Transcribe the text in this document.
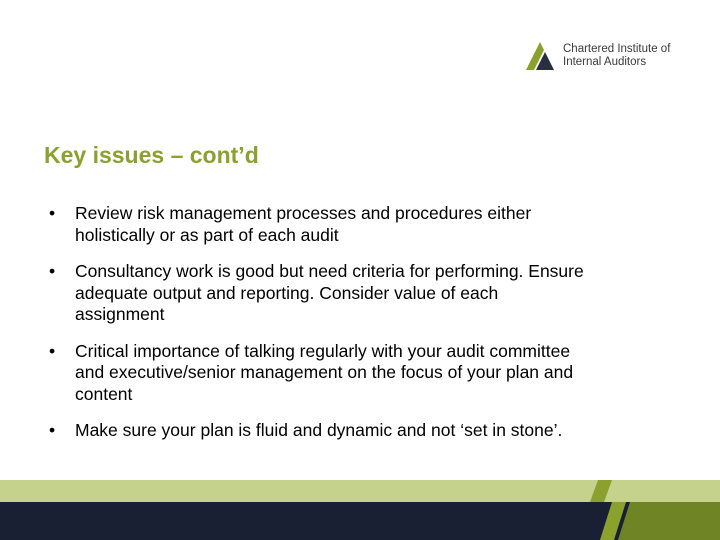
Chartered Institute of
Internal Auditors
Key issues – cont’d
• Review risk management processes and procedures either
holistically or as part of each audit
• Consultancy work is good but need criteria for performing. Ensure
adequate output and reporting. Consider value of each
assignment
• Critical importance of talking regularly with your audit committee
and executive/senior management on the focus of your plan and
content
• Make sure your plan is fluid and dynamic and not ‘set in stone’.
